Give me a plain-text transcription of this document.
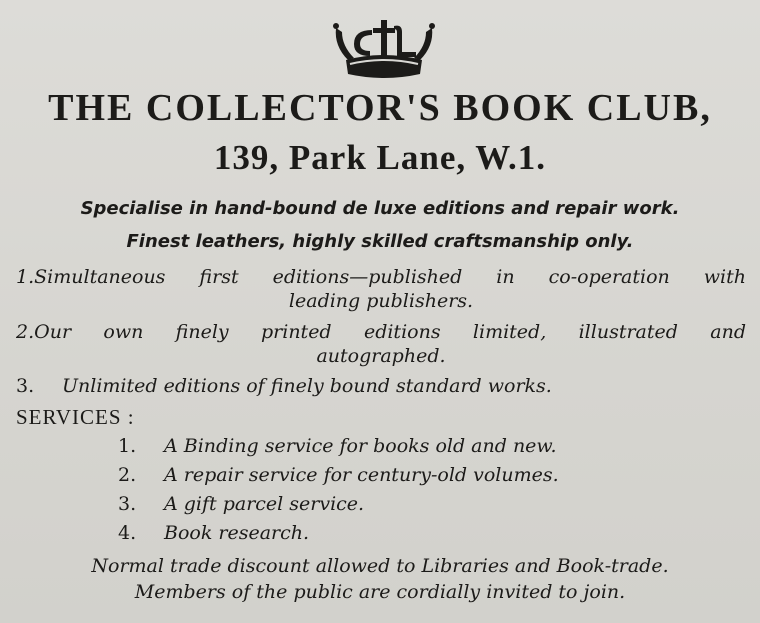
THE COLLECTOR'S BOOK CLUB,
139, Park Lane, W.1.
Specialise in hand-bound de luxe editions and repair work.
Finest leathers, highly skilled craftsmanship only.
1. Simultaneous first editions—published in co-operation with
leading publishers.
2. Our own finely printed editions limited, illustrated and
autographed.
3. Unlimited editions of finely bound standard works.
SERVICES :
1. A Binding service for books old and new.
2. A repair service for century-old volumes.
3. A gift parcel service.
4. Book research.
Normal trade discount allowed to Libraries and Book-trade.
Members of the public are cordially invited to join.
